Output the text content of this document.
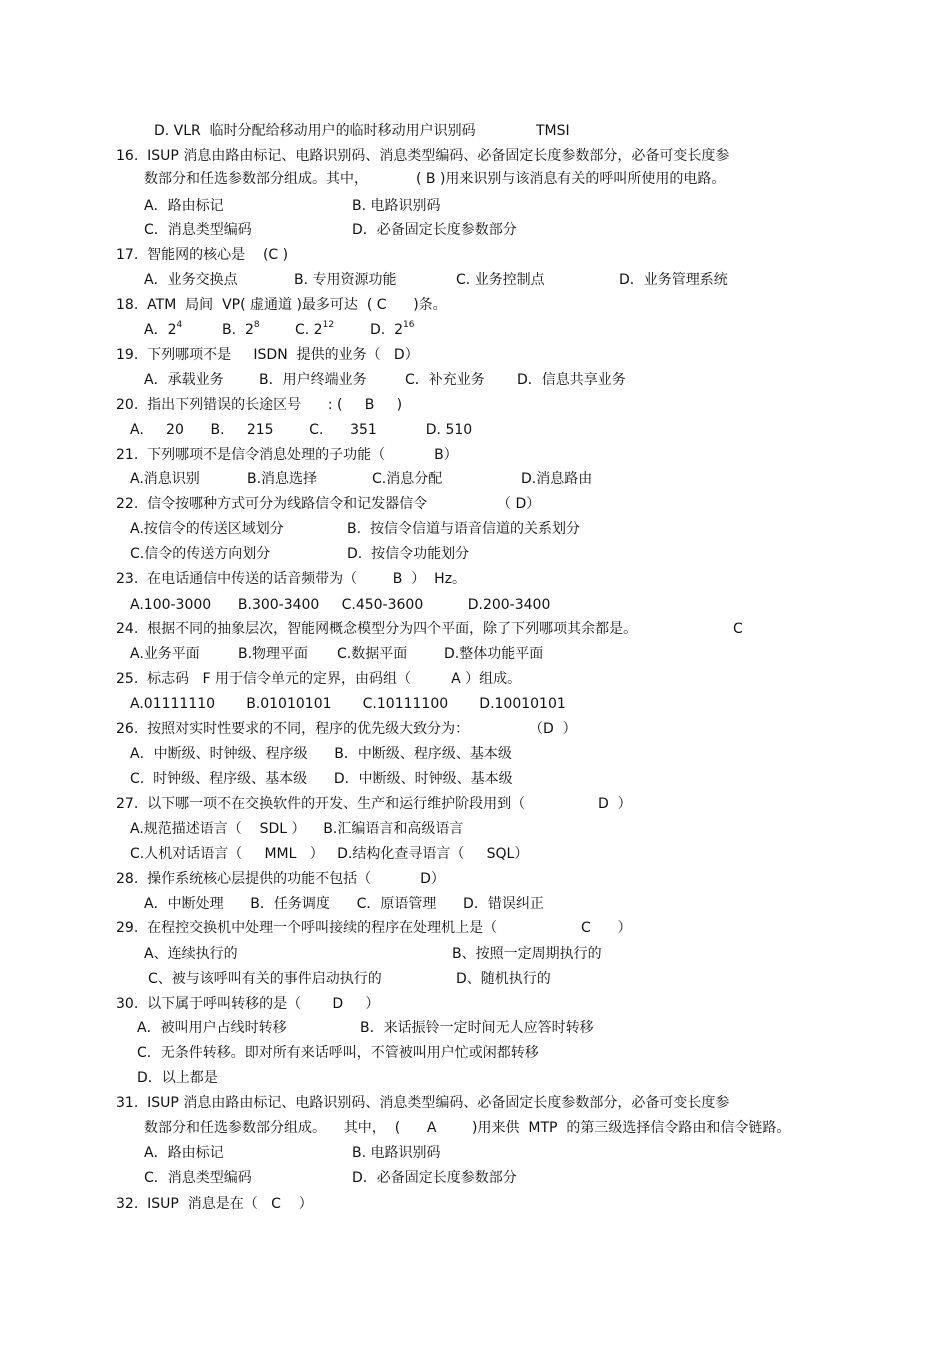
D. VLR  临时分配给移动用户的临时移动用户识别码	TMSI
16.  ISUP 消息由路由标记、电路识别码、消息类型编码、必备固定长度参数部分，必备可变长度参
数部分和任选参数部分组成。其中，	( B )用来识别与该消息有关的呼叫所使用的电路。
A．路由标记	B. 电路识别码
C．消息类型编码	D．必备固定长度参数部分
17.  智能网的核心是    (C )
A．业务交换点	B. 专用资源功能	C. 业务控制点	D．业务管理系统
18.  ATM  局间  VP( 虚通道 )最多可达  ( C      )条。
A．$2^4$	B.  $2^8$	C. $2^{12}$	D.  $2^{16}$
19.  下列哪项不是     ISDN  提供的业务（   D）
A．承载业务	B．用户终端业务	C．补充业务 D．信息共享业务
20.  指出下列错误的长途区号      : (     B     )
A.     20      B.     215        C.      351           D. 510
21.  下列哪项不是信令消息处理的子功能（           B）
A.消息识别	B.消息选择	C.消息分配	D.消息路由
22.  信令按哪种方式可分为线路信令和记发器信令	（ D）
A.按信令的传送区域划分	B.  按信令信道与语音信道的关系划分
C.信令的传送方向划分	D.  按信令功能划分
23.  在电话通信中传送的话音频带为（        B  ）  Hz。
A.100-3000      B.300-3400     C.450-3600          D.200-3400
24.  根据不同的抽象层次，智能网概念模型分为四个平面，除了下列哪项其余都是。	C
A.业务平面	B.物理平面 C.数据平面	D.整体功能平面
25.  标志码   F 用于信令单元的定界，由码组（         A ）组成。
A.01111110       B.01010101       C.10111100       D.10010101
26.  按照对实时性要求的不同，程序的优先级大致分为：	（D  ）
A．中断级、时钟级、程序级      B．中断级、程序级、基本级
C.  时钟级、程序级、基本级      D．中断级、时钟级、基本级
27.  以下哪一项不在交换软件的开发、生产和运行维护阶段用到（	D  ）
A.规范描述语言（    SDL ）    B.汇编语言和高级语言
C.人机对话语言（     MML   ）   D.结构化查寻语言（     SQL）
28.  操作系统核心层提供的功能不包括（           D）
A．中断处理      B．任务调度      C．原语管理      D．错误纠正
29.  在程控交换机中处理一个呼叫接续的程序在处理机上是（	C      ）
A、连续执行的	B、按照一定周期执行的
C、被与该呼叫有关的事件启动执行的	D、随机执行的
30.  以下属于呼叫转移的是（       D     ）
A．被叫用户占线时转移	B．来话振铃一定时间无人应答时转移
C．无条件转移。即对所有来话呼叫，不管被叫用户忙或闲都转移
D．以上都是
31.  ISUP 消息由路由标记、电路识别码、消息类型编码、必备固定长度参数部分，必备可变长度参
数部分和任选参数部分组成。    其中，  (      A        )用来供  MTP  的第三级选择信令路由和信令链路。
A．路由标记	B. 电路识别码
C．消息类型编码	D．必备固定长度参数部分
32.  ISUP  消息是在（   C    ）
